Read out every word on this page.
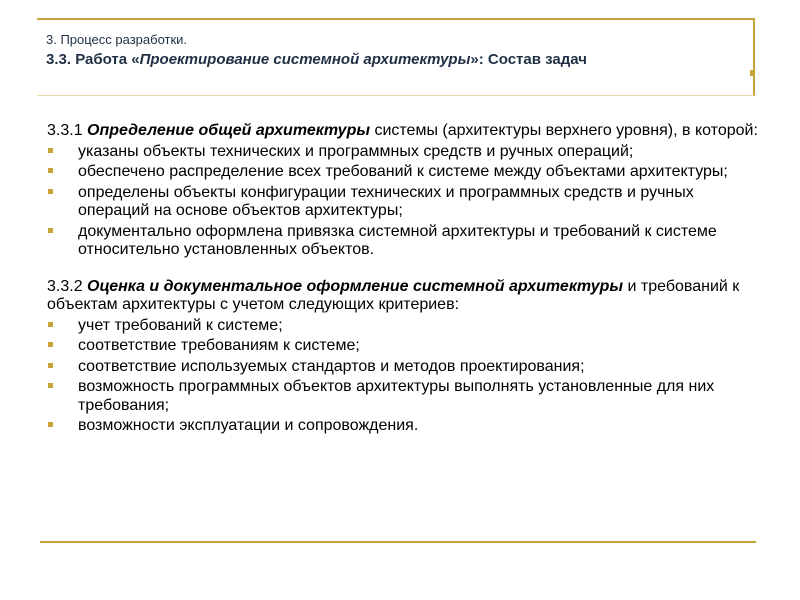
3. Процесс разработки.
3.3. Работа «Проектирование системной архитектуры»: Состав задач

3.3.1 Определение общей архитектуры системы (архитектуры верхнего уровня), в которой:

указаны объекты технических и программных средств и ручных операций;
обеспечено распределение всех требований к системе между объектами архитектуры;
определены объекты конфигурации технических и программных средств и ручных операций на основе объектов архитектуры;
документально оформлена привязка системной архитектуры и требований к системе относительно установленных объектов.

3.3.2 Оценка и документальное оформление системной архитектуры и требований к объектам архитектуры с учетом следующих критериев:

учет требований к системе;
соответствие требованиям к системе;
соответствие используемых стандартов и методов проектирования;
возможность программных объектов архитектуры выполнять установленные для них требования;
возможности эксплуатации и сопровождения.
